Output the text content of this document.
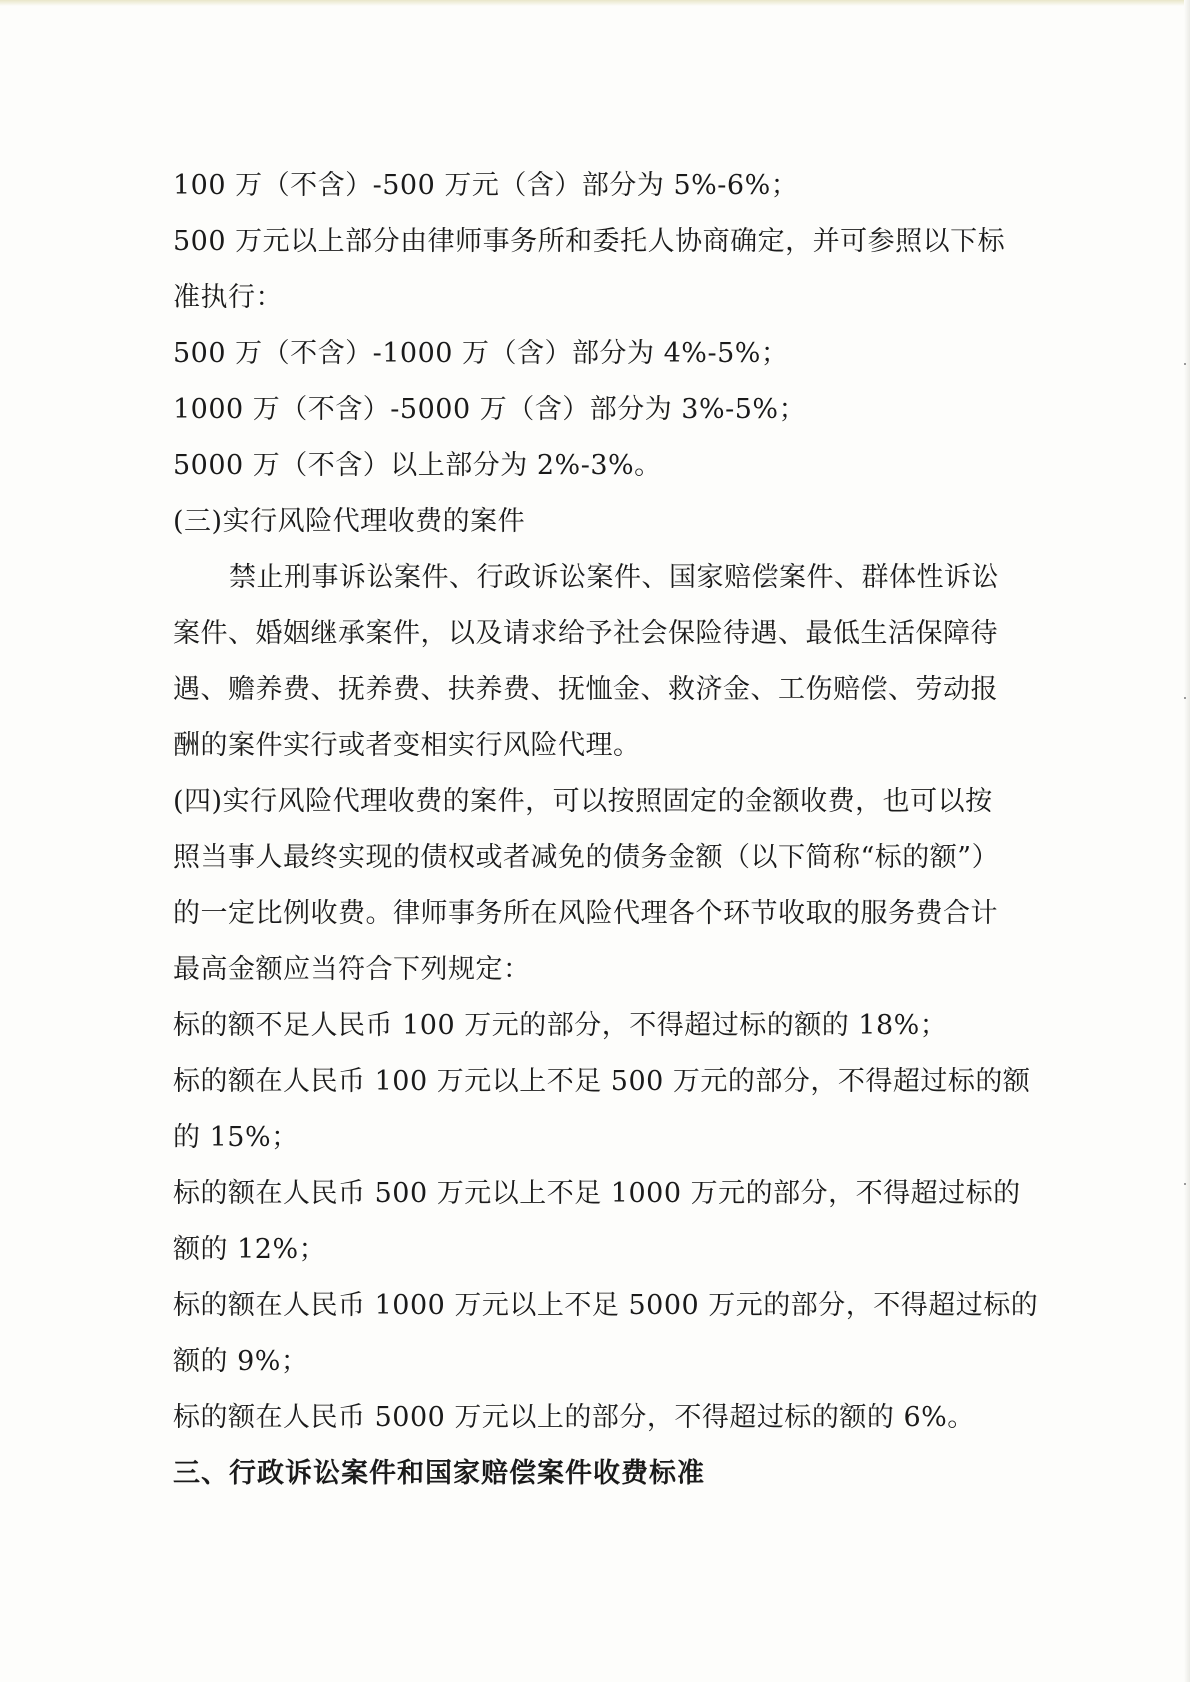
100 万（不含）-500 万元（含）部分为 5%-6%；
500 万元以上部分由律师事务所和委托人协商确定，并可参照以下标
准执行：
500 万（不含）-1000 万（含）部分为 4%-5%；
1000 万（不含）-5000 万（含）部分为 3%-5%；
5000 万（不含）以上部分为 2%-3%。
(三)实行风险代理收费的案件
禁止刑事诉讼案件、行政诉讼案件、国家赔偿案件、群体性诉讼
案件、婚姻继承案件，以及请求给予社会保险待遇、最低生活保障待
遇、赡养费、抚养费、扶养费、抚恤金、救济金、工伤赔偿、劳动报
酬的案件实行或者变相实行风险代理。
(四)实行风险代理收费的案件，可以按照固定的金额收费，也可以按
照当事人最终实现的债权或者减免的债务金额（以下简称“标的额”）
的一定比例收费。律师事务所在风险代理各个环节收取的服务费合计
最高金额应当符合下列规定：
标的额不足人民币 100 万元的部分，不得超过标的额的 18%；
标的额在人民币 100 万元以上不足 500 万元的部分，不得超过标的额
的 15%；
标的额在人民币 500 万元以上不足 1000 万元的部分，不得超过标的
额的 12%；
标的额在人民币 1000 万元以上不足 5000 万元的部分，不得超过标的
额的 9%；
标的额在人民币 5000 万元以上的部分，不得超过标的额的 6%。
三、行政诉讼案件和国家赔偿案件收费标准
